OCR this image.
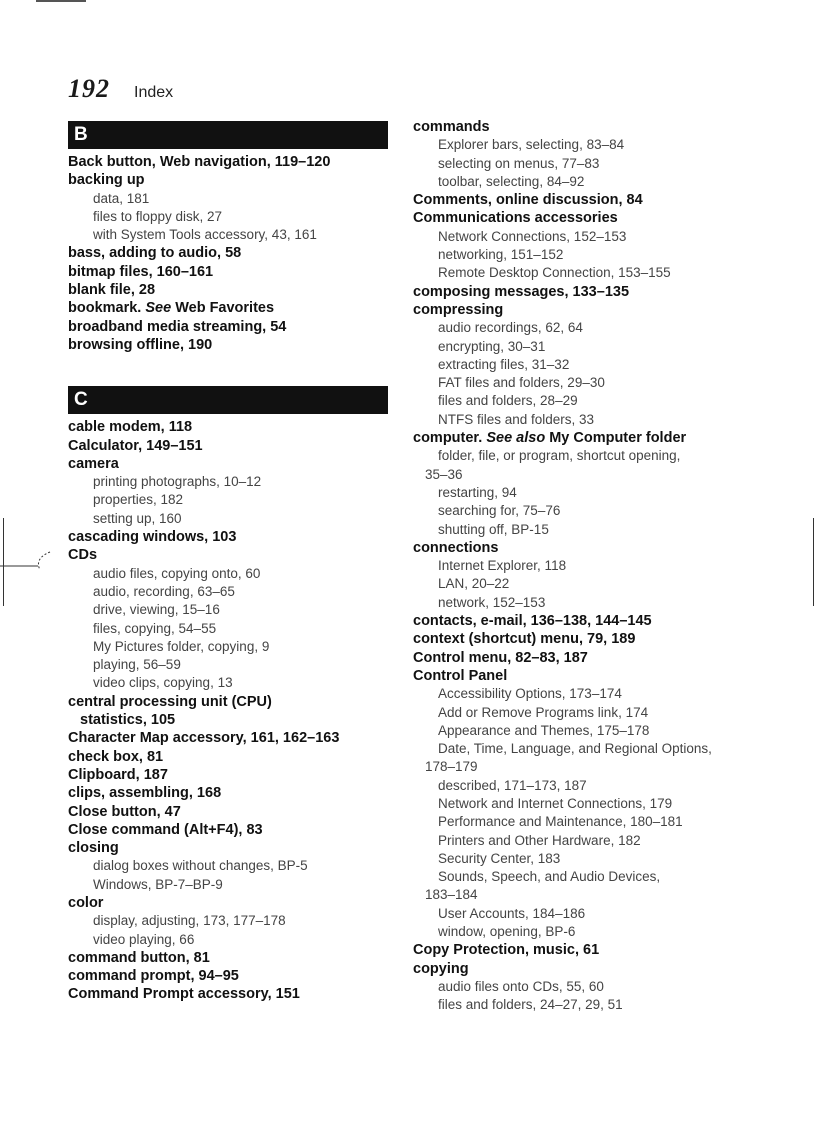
192 Index
B
Back button, Web navigation, 119–120
backing up
data, 181
files to floppy disk, 27
with System Tools accessory, 43, 161
bass, adding to audio, 58
bitmap files, 160–161
blank file, 28
bookmark. See Web Favorites
broadband media streaming, 54
browsing offline, 190
C
cable modem, 118
Calculator, 149–151
camera
printing photographs, 10–12
properties, 182
setting up, 160
cascading windows, 103
CDs
audio files, copying onto, 60
audio, recording, 63–65
drive, viewing, 15–16
files, copying, 54–55
My Pictures folder, copying, 9
playing, 56–59
video clips, copying, 13
central processing unit (CPU)
statistics, 105
Character Map accessory, 161, 162–163
check box, 81
Clipboard, 187
clips, assembling, 168
Close button, 47
Close command (Alt+F4), 83
closing
dialog boxes without changes, BP-5
Windows, BP-7–BP-9
color
display, adjusting, 173, 177–178
video playing, 66
command button, 81
command prompt, 94–95
Command Prompt accessory, 151
commands
Explorer bars, selecting, 83–84
selecting on menus, 77–83
toolbar, selecting, 84–92
Comments, online discussion, 84
Communications accessories
Network Connections, 152–153
networking, 151–152
Remote Desktop Connection, 153–155
composing messages, 133–135
compressing
audio recordings, 62, 64
encrypting, 30–31
extracting files, 31–32
FAT files and folders, 29–30
files and folders, 28–29
NTFS files and folders, 33
computer. See also My Computer folder
folder, file, or program, shortcut opening,
35–36
restarting, 94
searching for, 75–76
shutting off, BP-15
connections
Internet Explorer, 118
LAN, 20–22
network, 152–153
contacts, e-mail, 136–138, 144–145
context (shortcut) menu, 79, 189
Control menu, 82–83, 187
Control Panel
Accessibility Options, 173–174
Add or Remove Programs link, 174
Appearance and Themes, 175–178
Date, Time, Language, and Regional Options,
178–179
described, 171–173, 187
Network and Internet Connections, 179
Performance and Maintenance, 180–181
Printers and Other Hardware, 182
Security Center, 183
Sounds, Speech, and Audio Devices,
183–184
User Accounts, 184–186
window, opening, BP-6
Copy Protection, music, 61
copying
audio files onto CDs, 55, 60
files and folders, 24–27, 29, 51
